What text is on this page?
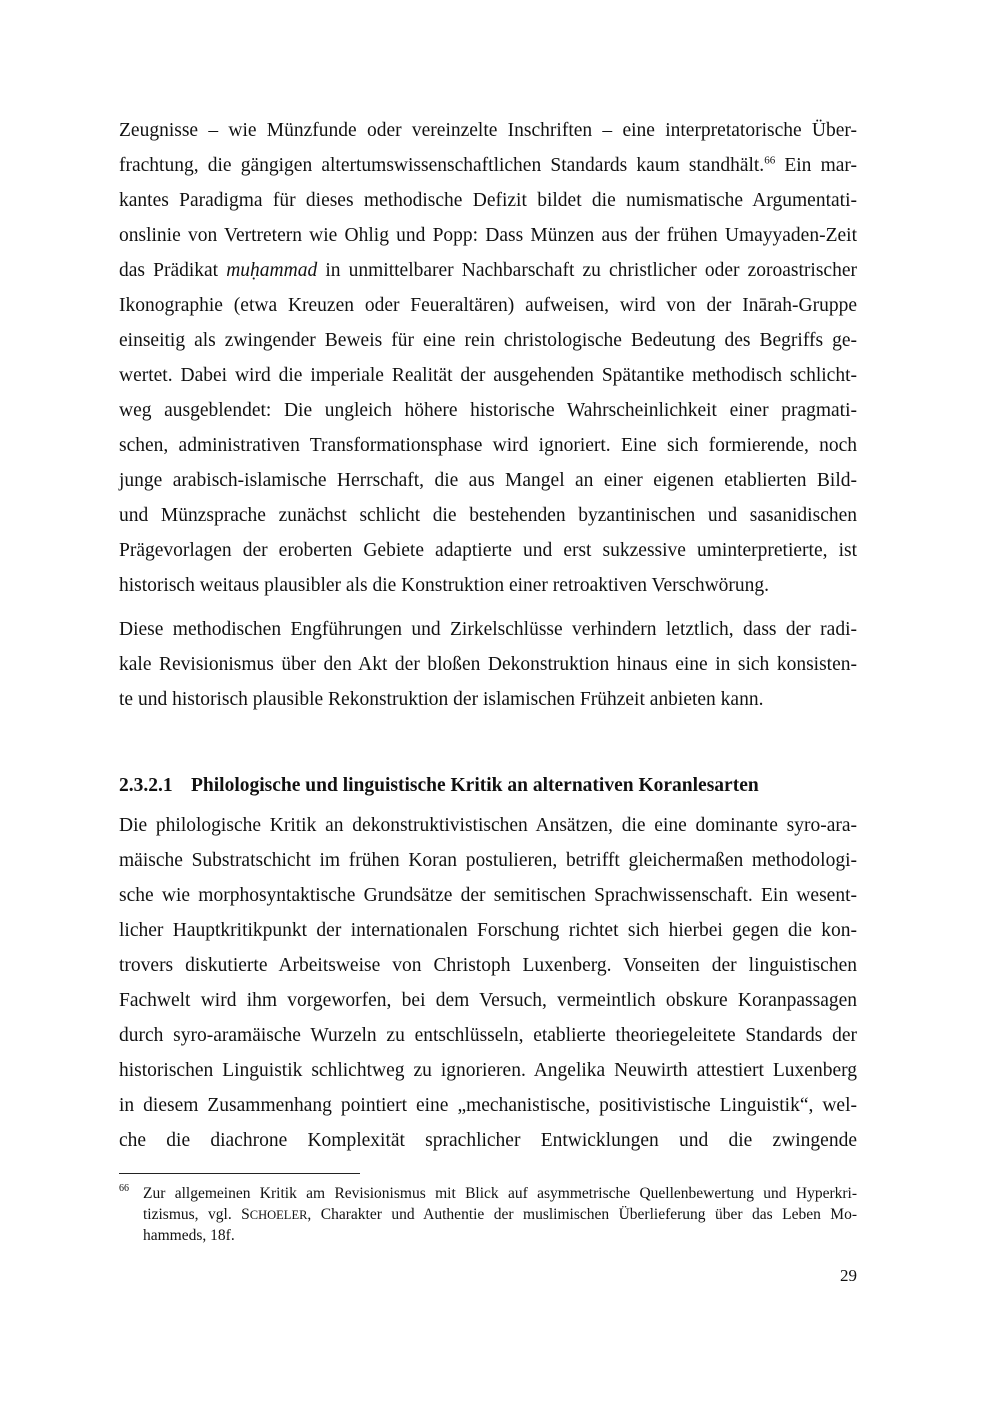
Zeugnisse – wie Münzfunde oder vereinzelte Inschriften – eine interpretatorische Über-
frachtung, die gängigen altertumswissenschaftlichen Standards kaum standhält.$^{66}$ Ein mar-
kantes Paradigma für dieses methodische Defizit bildet die numismatische Argumentati-
onslinie von Vertretern wie Ohlig und Popp: Dass Münzen aus der frühen Umayyaden-Zeit
das Prädikat muḥammad in unmittelbarer Nachbarschaft zu christlicher oder zoroastrischer
Ikonographie (etwa Kreuzen oder Feueraltären) aufweisen, wird von der Inārah-Gruppe
einseitig als zwingender Beweis für eine rein christologische Bedeutung des Begriffs ge-
wertet. Dabei wird die imperiale Realität der ausgehenden Spätantike methodisch schlicht-
weg ausgeblendet: Die ungleich höhere historische Wahrscheinlichkeit einer pragmati-
schen, administrativen Transformationsphase wird ignoriert. Eine sich formierende, noch
junge arabisch-islamische Herrschaft, die aus Mangel an einer eigenen etablierten Bild-
und Münzsprache zunächst schlicht die bestehenden byzantinischen und sasanidischen
Prägevorlagen der eroberten Gebiete adaptierte und erst sukzessive uminterpretierte, ist
historisch weitaus plausibler als die Konstruktion einer retroaktiven Verschwörung.
Diese methodischen Engführungen und Zirkelschlüsse verhindern letztlich, dass der radi-
kale Revisionismus über den Akt der bloßen Dekonstruktion hinaus eine in sich konsisten-
te und historisch plausible Rekonstruktion der islamischen Frühzeit anbieten kann.
2.3.2.1 Philologische und linguistische Kritik an alternativen Koranlesarten
Die philologische Kritik an dekonstruktivistischen Ansätzen, die eine dominante syro-ara-
mäische Substratschicht im frühen Koran postulieren, betrifft gleichermaßen methodologi-
sche wie morphosyntaktische Grundsätze der semitischen Sprachwissenschaft. Ein wesent-
licher Hauptkritikpunkt der internationalen Forschung richtet sich hierbei gegen die kon-
trovers diskutierte Arbeitsweise von Christoph Luxenberg. Vonseiten der linguistischen
Fachwelt wird ihm vorgeworfen, bei dem Versuch, vermeintlich obskure Koranpassagen
durch syro-aramäische Wurzeln zu entschlüsseln, etablierte theoriegeleitete Standards der
historischen Linguistik schlichtweg zu ignorieren. Angelika Neuwirth attestiert Luxenberg
in diesem Zusammenhang pointiert eine „mechanistische, positivistische Linguistik“, wel-
che die diachrone Komplexität sprachlicher Entwicklungen und die zwingende
66 Zur allgemeinen Kritik am Revisionismus mit Blick auf asymmetrische Quellenbewertung und Hyperkri-
tizismus, vgl. SCHOELER, Charakter und Authentie der muslimischen Überlieferung über das Leben Mo-
hammeds, 18f.
29
